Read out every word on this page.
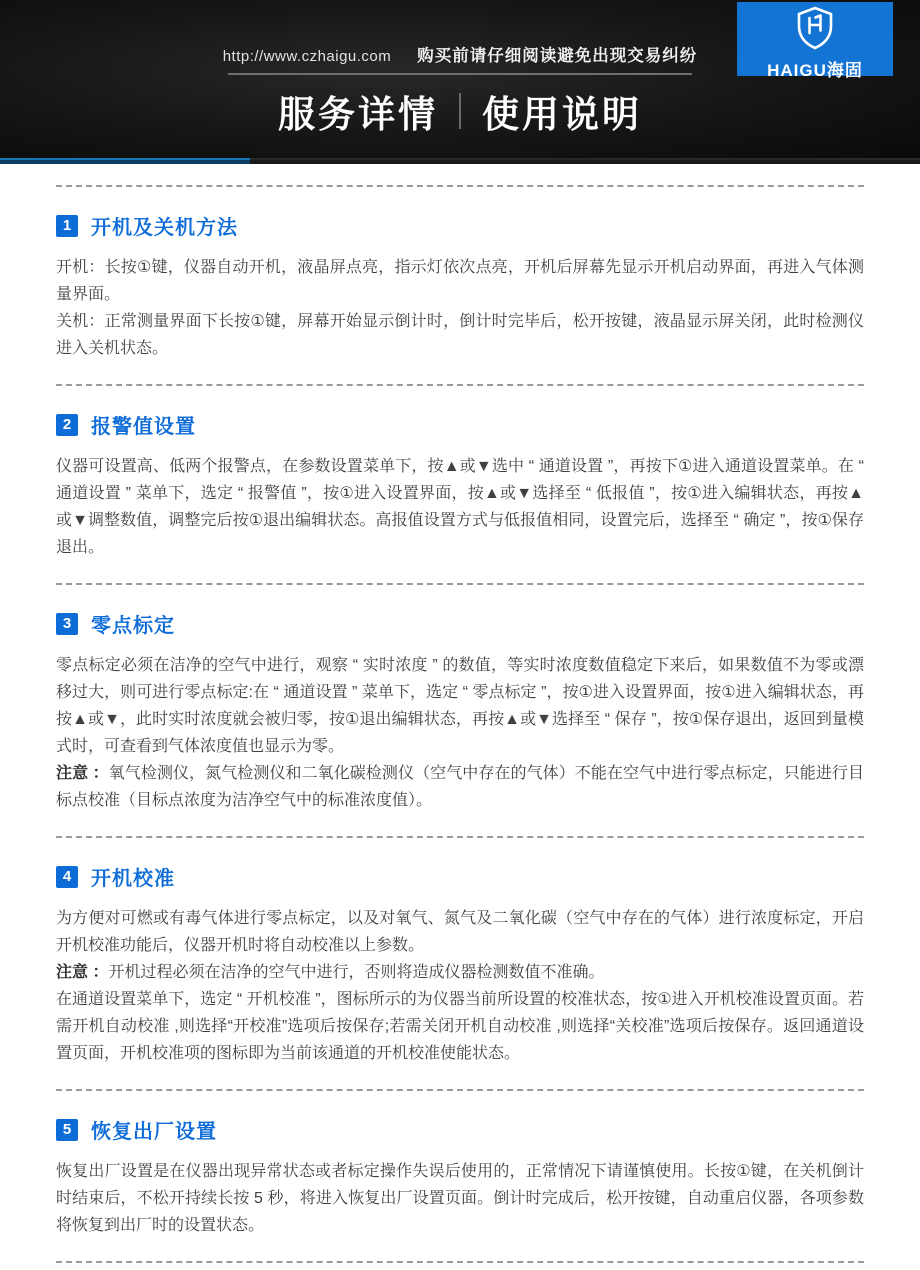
http://www.czhaigu.com 购买前请仔细阅读避免出现交易纠纷
服务详情 使用说明
HAIGU海固
1 开机及关机方法

开机：长按①键，仪器自动开机，液晶屏点亮，指示灯依次点亮，开机后屏幕先显示开机启动界面，再进入气体测量界面。

关机：正常测量界面下长按①键，屏幕开始显示倒计时，倒计时完毕后，松开按键，液晶显示屏关闭，此时检测仪进入关机状态。

2 报警值设置

仪器可设置高、低两个报警点，在参数设置菜单下，按▲或▼选中 “ 通道设置 ”，再按下①进入通道设置菜单。在 “ 通道设置 ” 菜单下，选定 “ 报警值 ”，按①进入设置界面，按▲或▼选择至 “ 低报值 ”，按①进入编辑状态，再按▲或▼调整数值，调整完后按①退出编辑状态。高报值设置方式与低报值相同，设置完后，选择至 “ 确定 ”，按①保存退出。

3 零点标定

零点标定必须在洁净的空气中进行，观察 “ 实时浓度 ” 的数值，等实时浓度数值稳定下来后，如果数值不为零或漂移过大，则可进行零点标定:在 “ 通道设置 ” 菜单下，选定 “ 零点标定 ”，按①进入设置界面，按①进入编辑状态，再按▲或▼，此时实时浓度就会被归零，按①退出编辑状态，再按▲或▼选择至 “ 保存 ”，按①保存退出，返回到量模式时，可查看到气体浓度值也显示为零。

注意 ：氧气检测仪，氮气检测仪和二氧化碳检测仪（空气中存在的气体）不能在空气中进行零点标定，只能进行目标点校准（目标点浓度为洁净空气中的标准浓度值）。

4 开机校准

为方便对可燃或有毒气体进行零点标定，以及对氧气、氮气及二氧化碳（空气中存在的气体）进行浓度标定，开启开机校准功能后，仪器开机时将自动校准以上参数。

注意 ：开机过程必须在洁净的空气中进行，否则将造成仪器检测数值不准确。

在通道设置菜单下，选定 “ 开机校准 ”，图标所示的为仪器当前所设置的校准状态，按①进入开机校准设置页面。若需开机自动校准 ,则选择“开校准”选项后按保存;若需关闭开机自动校准 ,则选择“关校准”选项后按保存。返回通道设置页面，开机校准项的图标即为当前该通道的开机校准使能状态。

5 恢复出厂设置

恢复出厂设置是在仪器出现异常状态或者标定操作失误后使用的，正常情况下请谨慎使用。长按①键，在关机倒计时结束后，不松开持续长按 5 秒，将进入恢复出厂设置页面。倒计时完成后，松开按键，自动重启仪器，各项参数将恢复到出厂时的设置状态。
